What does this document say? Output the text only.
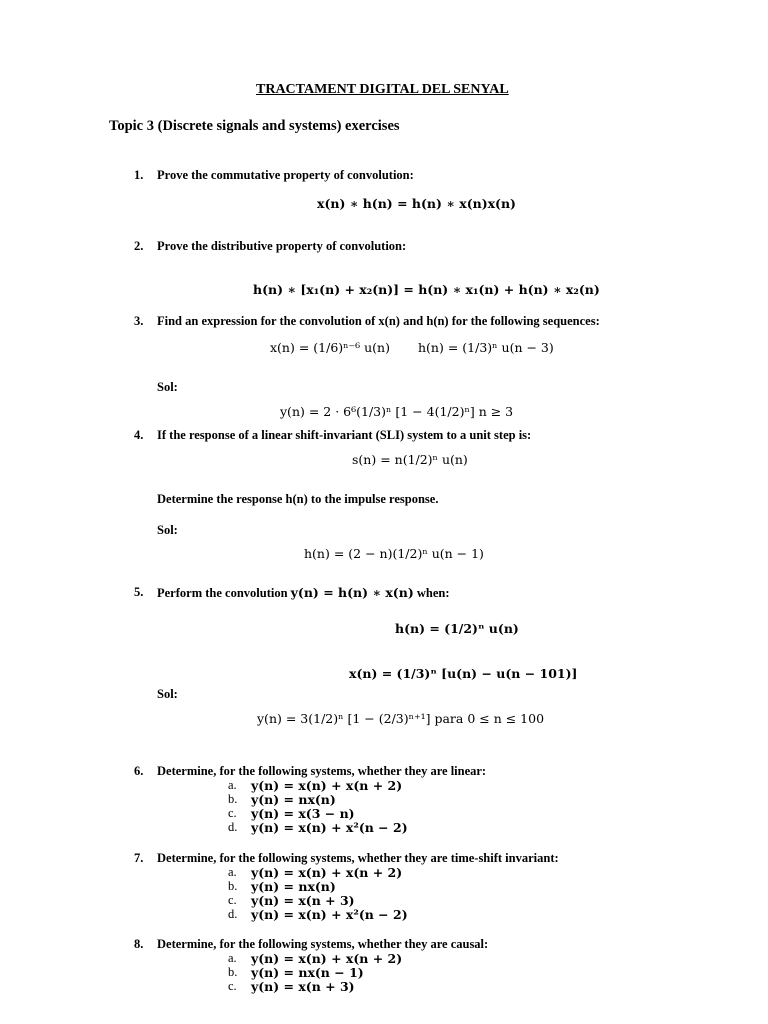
TRACTAMENT DIGITAL DEL SENYAL
Topic 3 (Discrete signals and systems) exercises
1. Prove the commutative property of convolution:
x(n) ∗ h(n) = h(n) ∗ x(n)x(n)
2. Prove the distributive property of convolution:
h(n) ∗ [x₁(n) + x₂(n)] = h(n) ∗ x₁(n) + h(n) ∗ x₂(n)
3. Find an expression for the convolution of x(n) and h(n) for the following sequences:
x(n) = (1/6)ⁿ⁻⁶ u(n) h(n) = (1/3)ⁿ u(n − 3)
Sol:
y(n) = 2 · 6⁶(1/3)ⁿ [1 − 4(1/2)ⁿ] n ≥ 3
4. If the response of a linear shift-invariant (SLI) system to a unit step is:
s(n) = n(1/2)ⁿ u(n)
Determine the response h(n) to the impulse response.
Sol:
h(n) = (2 − n)(1/2)ⁿ u(n − 1)
5. Perform the convolution y(n) = h(n) ∗ x(n) when:
h(n) = (1/2)ⁿ u(n)
x(n) = (1/3)ⁿ [u(n) − u(n − 101)]
Sol:
y(n) = 3(1/2)ⁿ [1 − (2/3)ⁿ⁺¹] para 0 ≤ n ≤ 100
6. Determine, for the following systems, whether they are linear:
a. y(n) = x(n) + x(n + 2)
b. y(n) = nx(n)
c. y(n) = x(3 − n)
d. y(n) = x(n) + x²(n − 2)
7. Determine, for the following systems, whether they are time-shift invariant:
a. y(n) = x(n) + x(n + 2)
b. y(n) = nx(n)
c. y(n) = x(n + 3)
d. y(n) = x(n) + x²(n − 2)
8. Determine, for the following systems, whether they are causal:
a. y(n) = x(n) + x(n + 2)
b. y(n) = nx(n − 1)
c. y(n) = x(n + 3)
